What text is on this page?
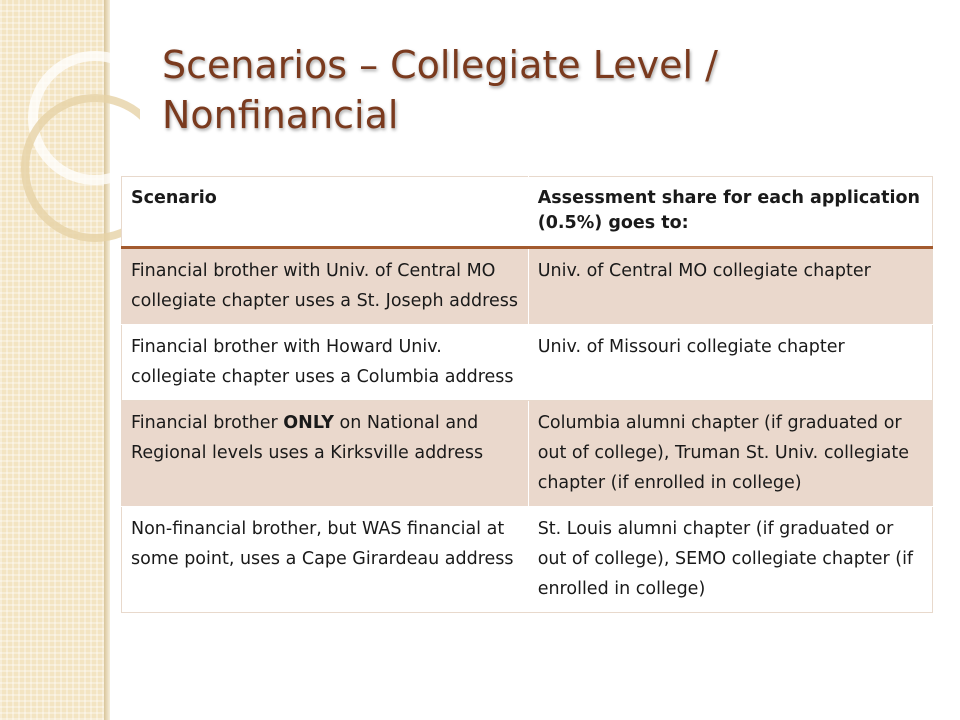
Scenarios – Collegiate Level / Nonfinancial
Scenario	Assessment share for each application (0.5%) goes to:
Financial brother with Univ. of Central MO collegiate chapter uses a St. Joseph address	Univ. of Central MO collegiate chapter
Financial brother with Howard Univ. collegiate chapter uses a Columbia address	Univ. of Missouri collegiate chapter
Financial brother ONLY on National and Regional levels uses a Kirksville address	Columbia alumni chapter (if graduated or out of college), Truman St. Univ. collegiate chapter (if enrolled in college)
Non-financial brother, but WAS financial at some point, uses a Cape Girardeau address	St. Louis alumni chapter (if graduated or out of college), SEMO collegiate chapter (if enrolled in college)
